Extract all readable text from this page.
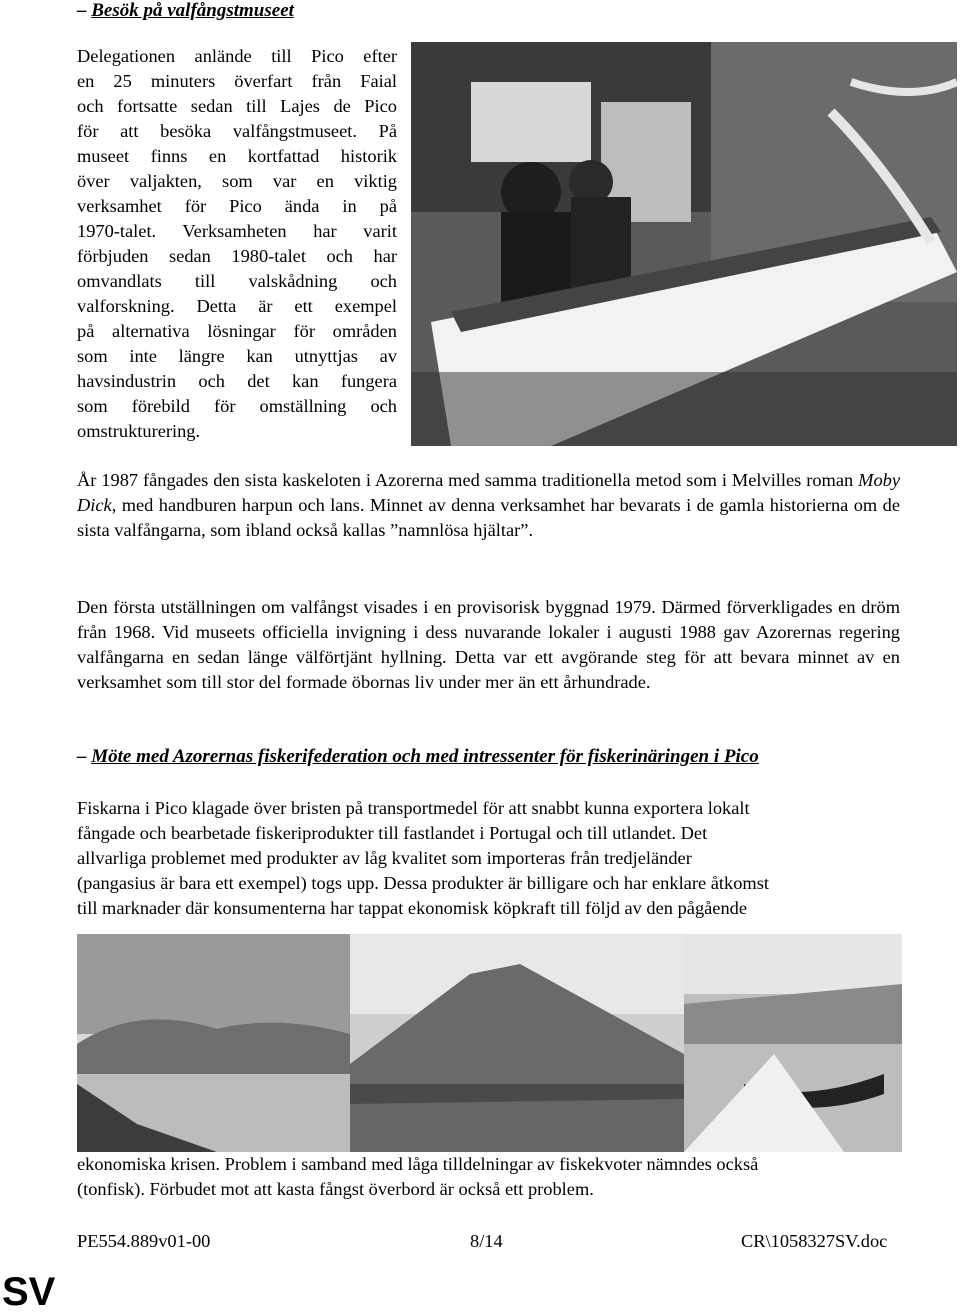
– Besök på valfångstmuseet
Delegationen anlände till Pico efter
en 25 minuters överfart från Faial
och fortsatte sedan till Lajes de Pico
för att besöka valfångstmuseet. På
museet finns en kortfattad historik
över valjakten, som var en viktig
verksamhet för Pico ända in på
1970-talet. Verksamheten har varit
förbjuden sedan 1980-talet och har
omvandlats till valskådning och
valforskning. Detta är ett exempel
på alternativa lösningar för områden
som inte längre kan utnyttjas av
havsindustrin och det kan fungera
som förebild för omställning och
omstrukturering.
År 1987 fångades den sista kaskeloten i Azorerna med samma traditionella metod som i Melvilles roman Moby Dick, med handburen harpun och lans. Minnet av denna verksamhet har bevarats i de gamla historierna om de sista valfångarna, som ibland också kallas ”namnlösa hjältar”.
Den första utställningen om valfångst visades i en provisorisk byggnad 1979. Därmed förverkligades en dröm från 1968. Vid museets officiella invigning i dess nuvarande lokaler i augusti 1988 gav Azorernas regering valfångarna en sedan länge välförtjänt hyllning. Detta var ett avgörande steg för att bevara minnet av en verksamhet som till stor del formade öbornas liv under mer än ett århundrade.
– Möte med Azorernas fiskerifederation och med intressenter för fiskerinäringen i Pico
Fiskarna i Pico klagade över bristen på transportmedel för att snabbt kunna exportera lokalt
fångade och bearbetade fiskeriprodukter till fastlandet i Portugal och till utlandet. Det
allvarliga problemet med produkter av låg kvalitet som importeras från tredjeländer
(pangasius är bara ett exempel) togs upp. Dessa produkter är billigare och har enklare åtkomst
till marknader där konsumenterna har tappat ekonomisk köpkraft till följd av den pågående
ekonomiska krisen. Problem i samband med låga tilldelningar av fiskekvoter nämndes också
(tonfisk). Förbudet mot att kasta fångst överbord är också ett problem.
PE554.889v01-00	8/14	CR\1058327SV.doc
SV
